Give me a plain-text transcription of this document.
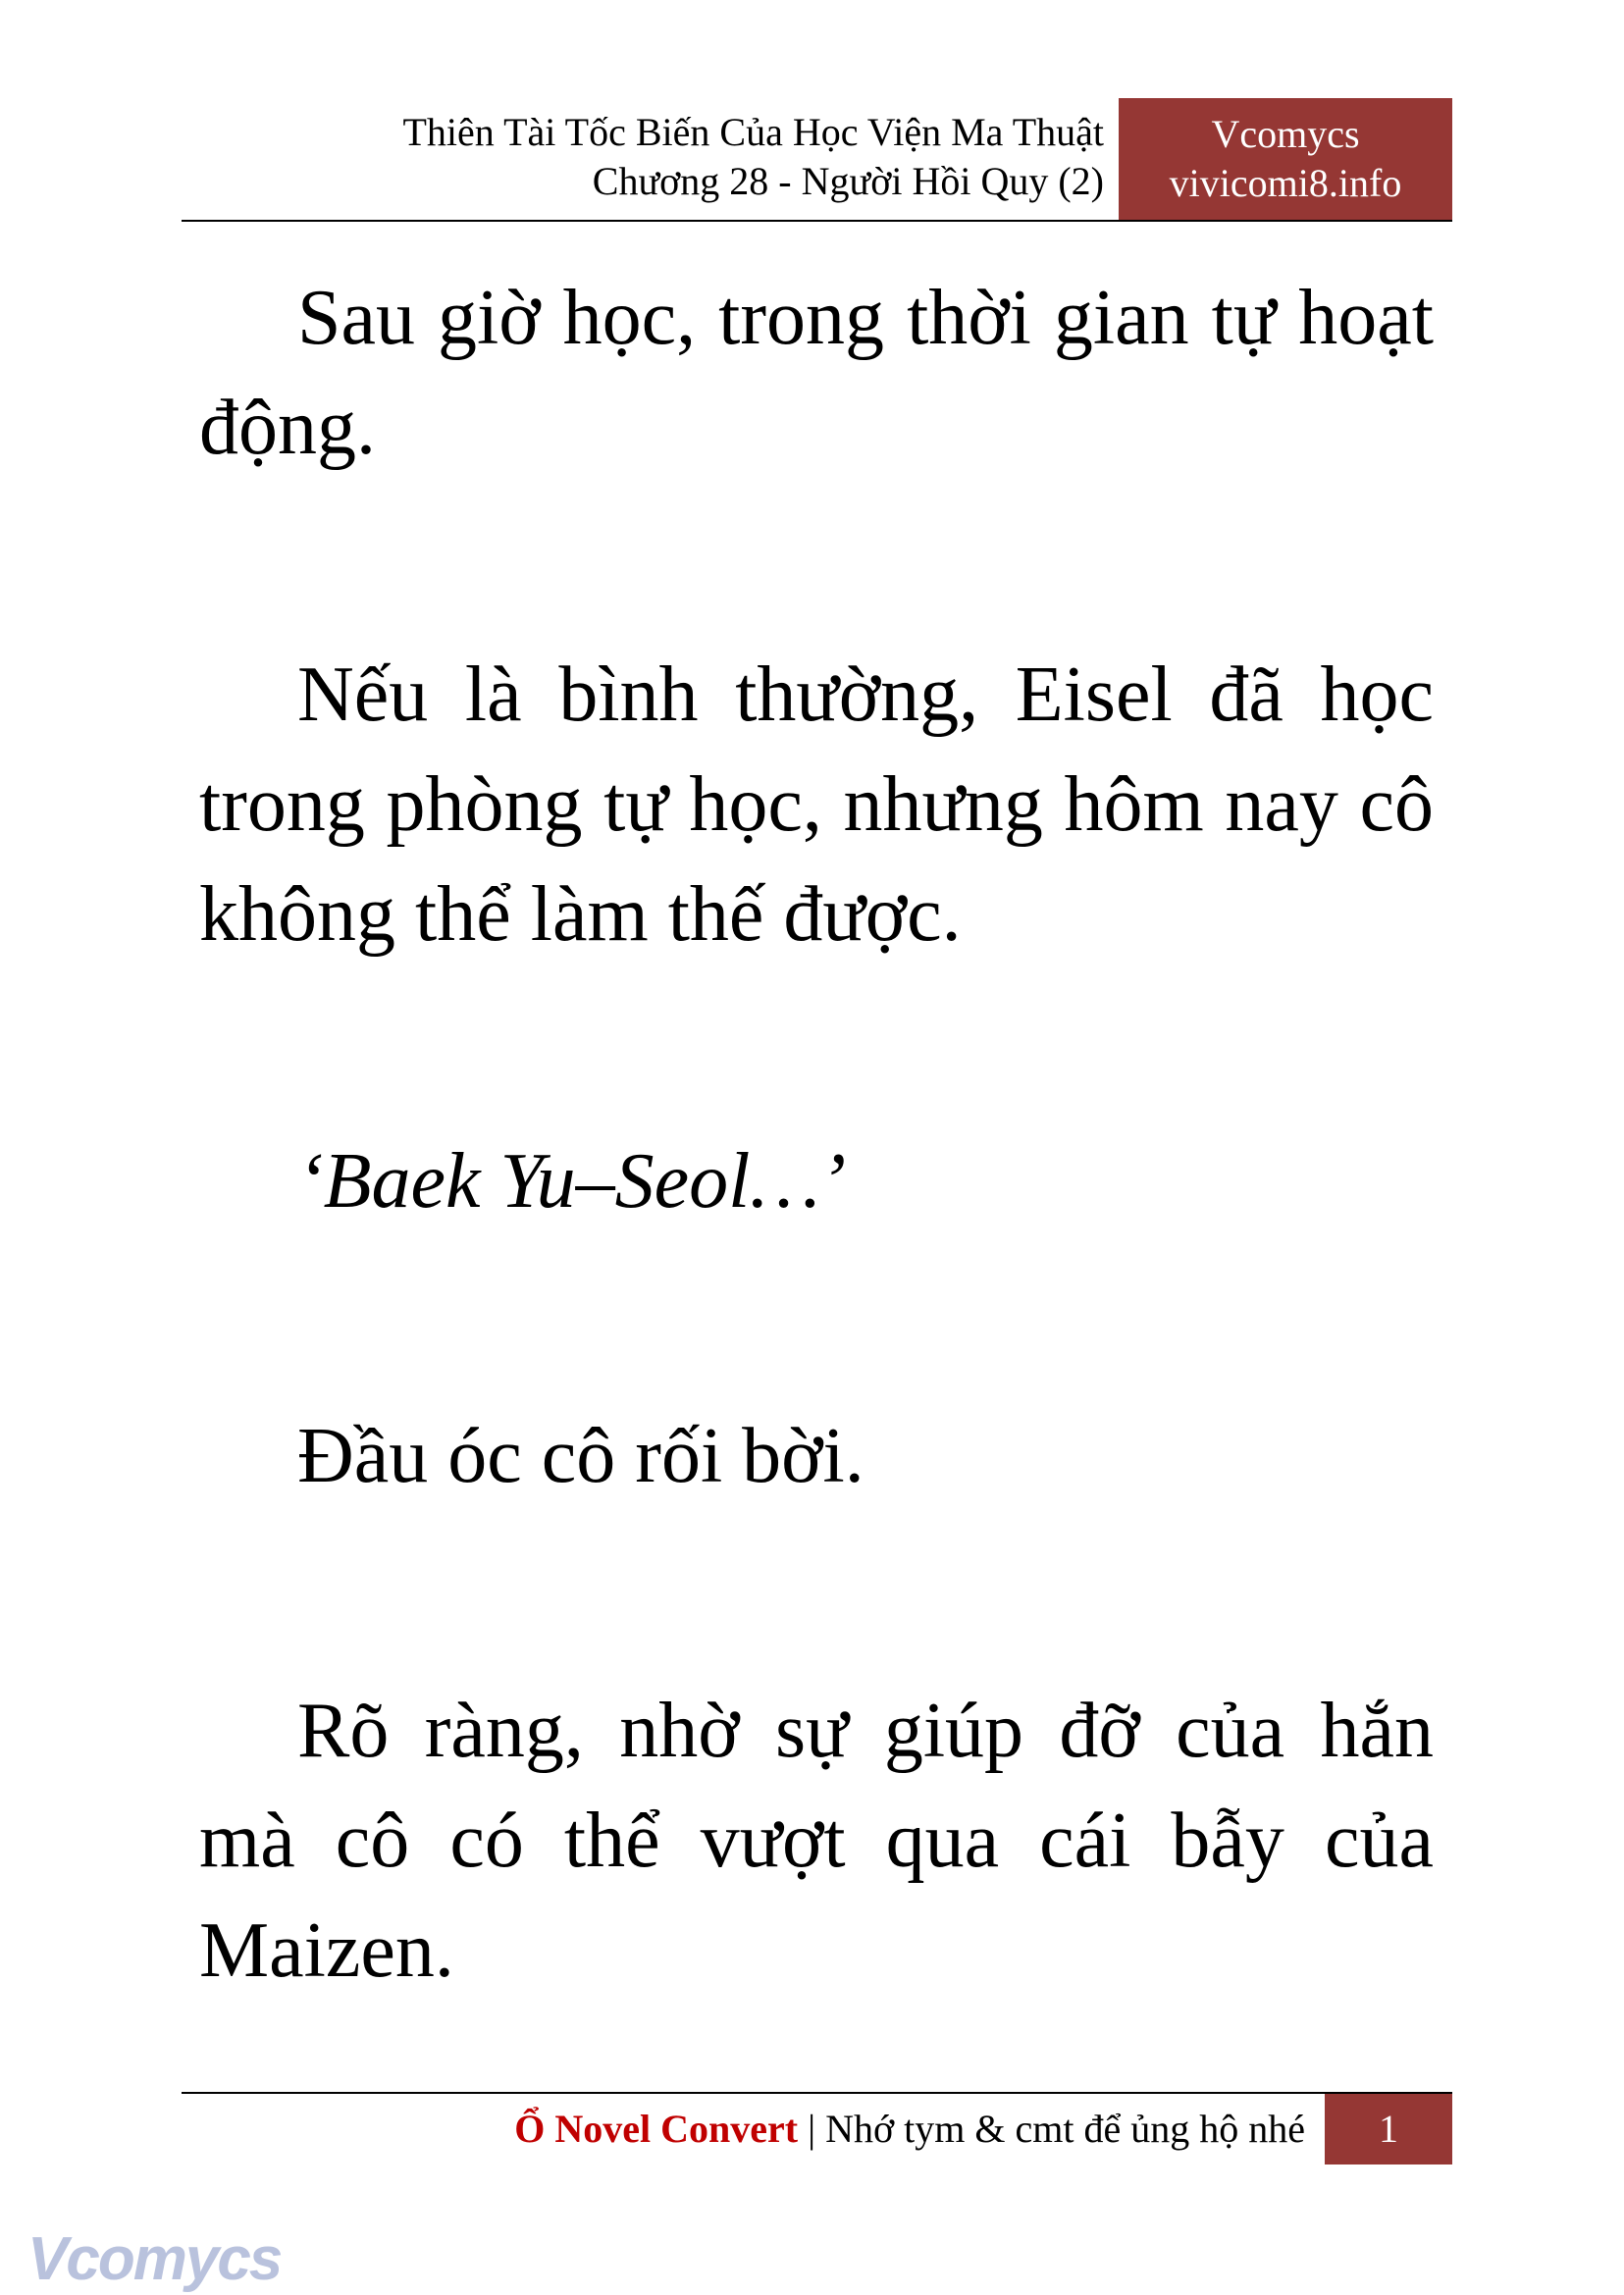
Thiên Tài Tốc Biến Của Học Viện Ma Thuật
Chương 28 - Người Hồi Quy (2)
Vcomycs
vivicomi8.info

Sau giờ học, trong thời gian tự hoạt động.

Nếu là bình thường, Eisel đã học trong phòng tự học, nhưng hôm nay cô không thể làm thế được.

‘Baek Yu–Seol…’

Đầu óc cô rối bời.

Rõ ràng, nhờ sự giúp đỡ của hắn mà cô có thể vượt qua cái bẫy của Maizen.

Ổ Novel Convert | Nhớ tym & cmt để ủng hộ nhé	1
Vcomycs
